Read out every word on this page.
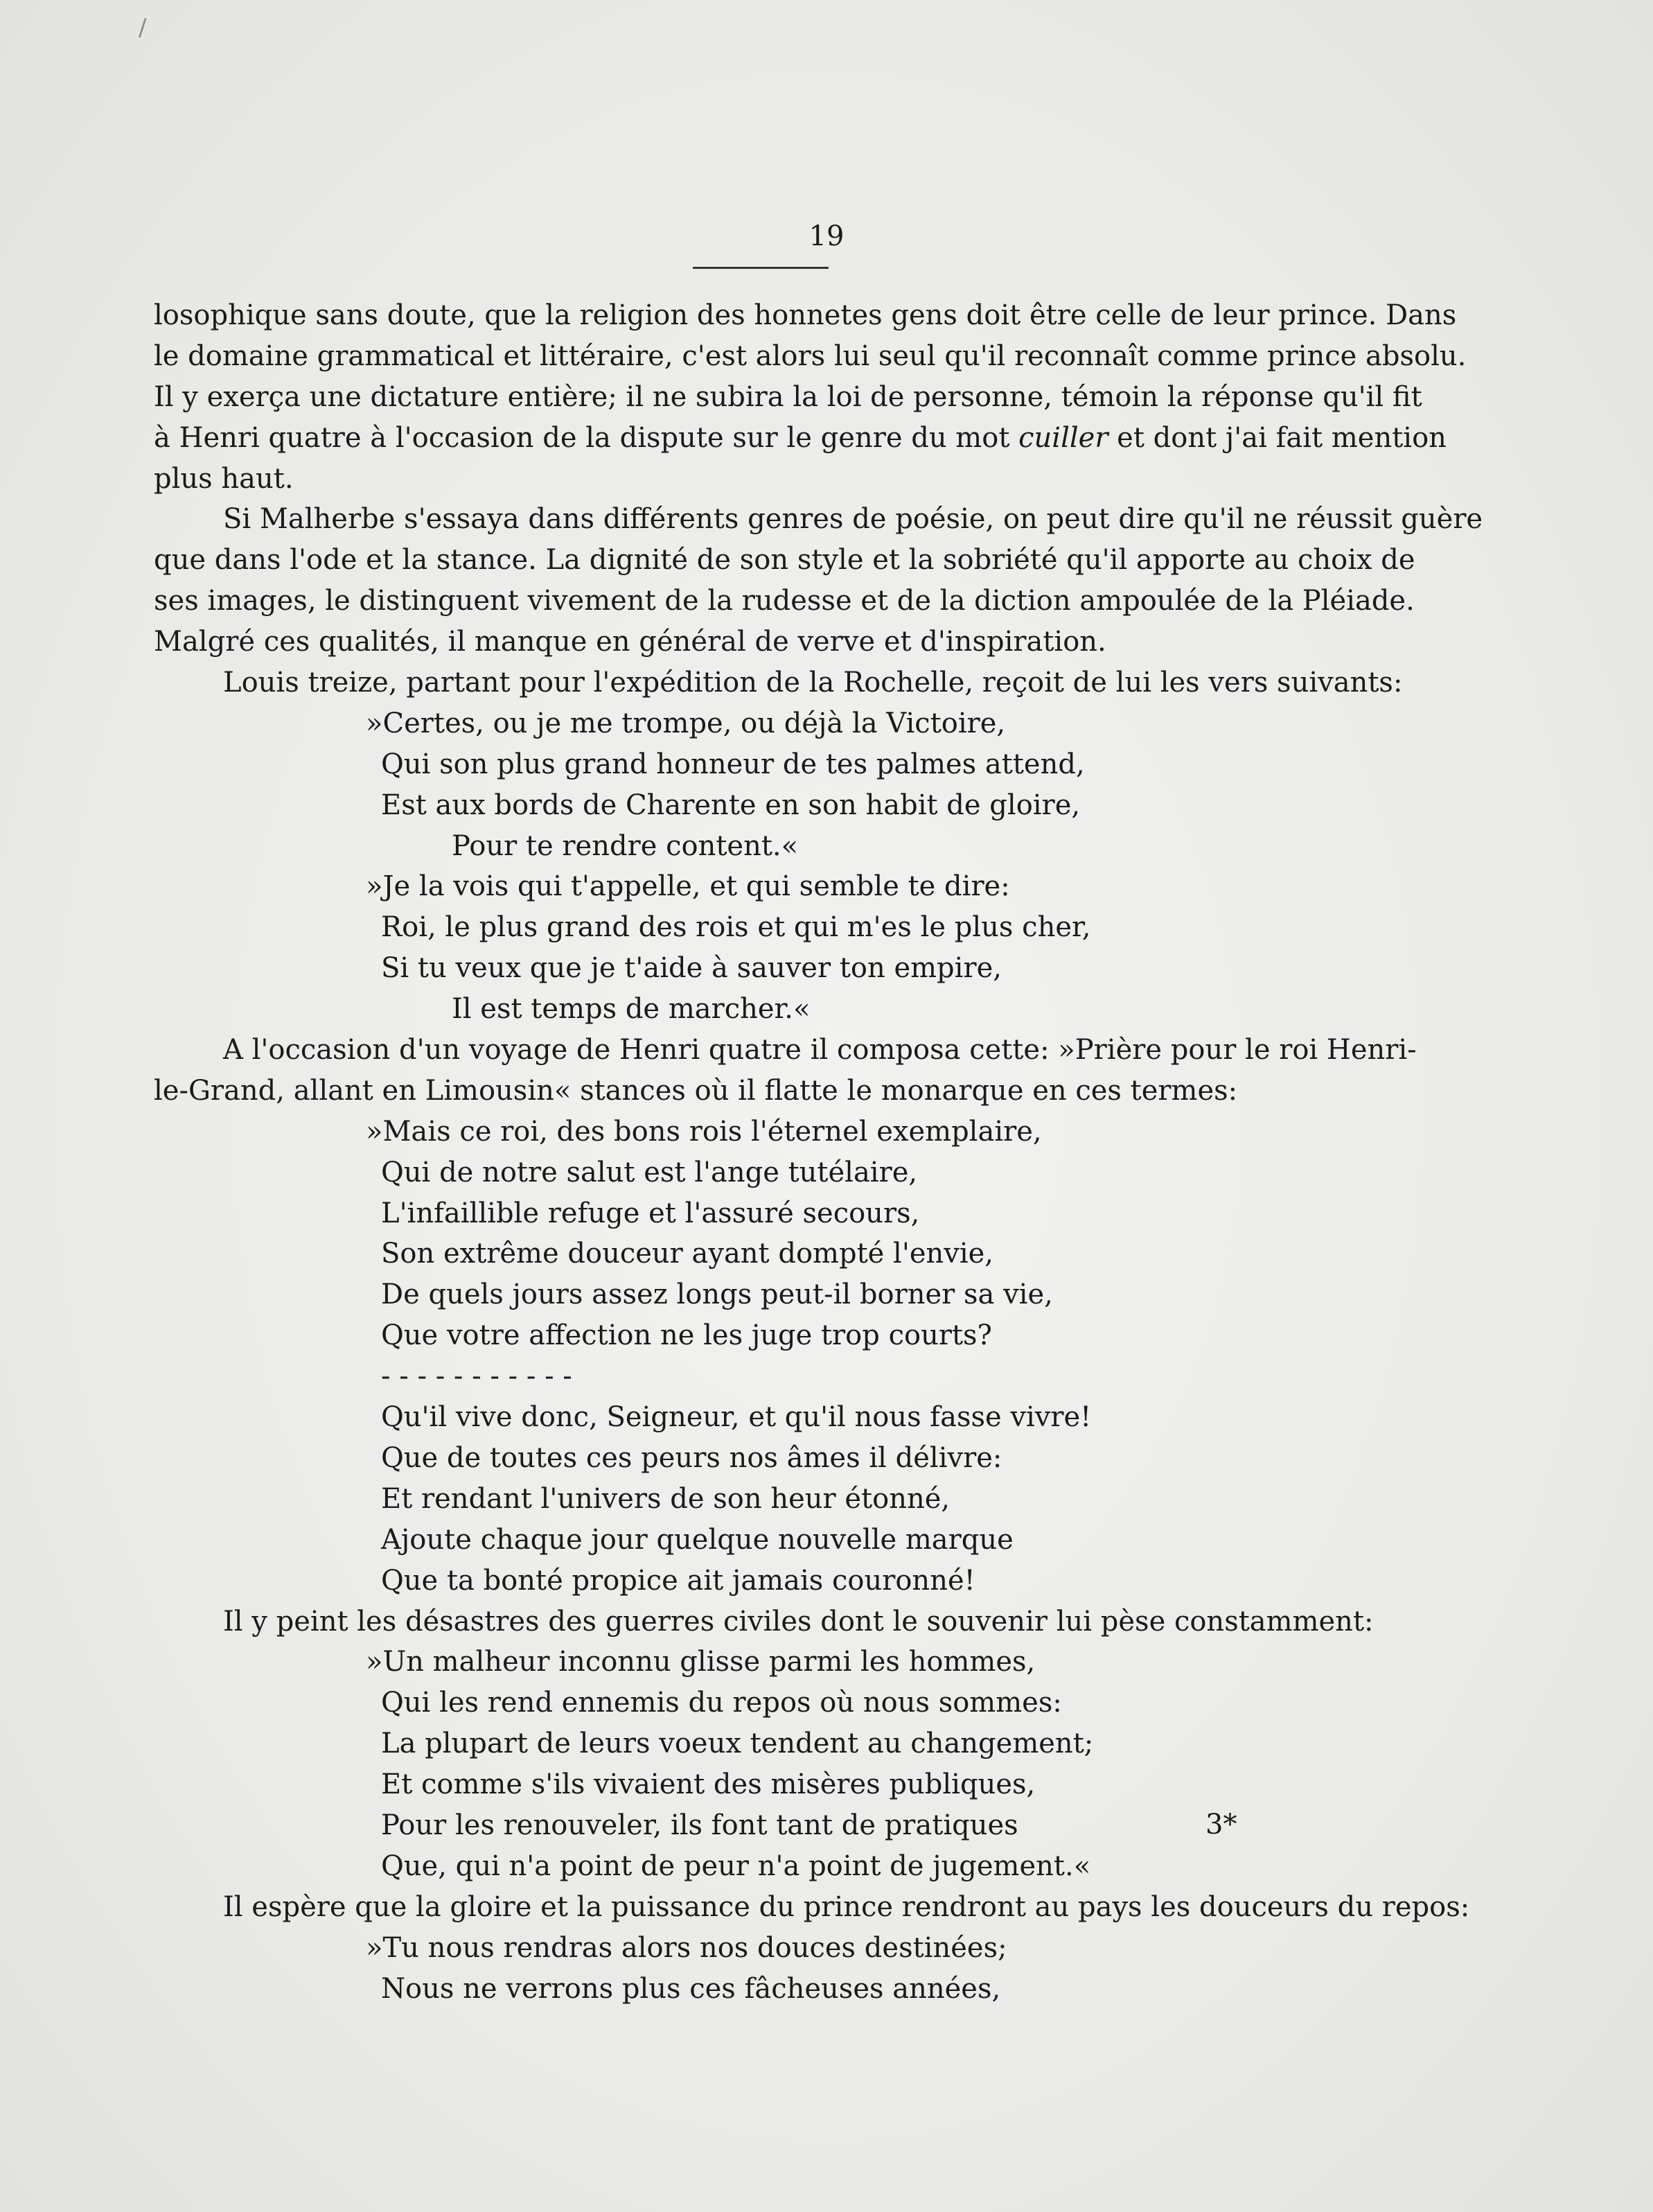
/
19
losophique sans doute, que la religion des honnetes gens doit être celle de leur prince. Dans
le domaine grammatical et littéraire, c'est alors lui seul qu'il reconnaît comme prince absolu.
Il y exerça une dictature entière; il ne subira la loi de personne, témoin la réponse qu'il fit
à Henri quatre à l'occasion de la dispute sur le genre du mot cuiller et dont j'ai fait mention
plus haut.
Si Malherbe s'essaya dans différents genres de poésie, on peut dire qu'il ne réussit guère
que dans l'ode et la stance. La dignité de son style et la sobriété qu'il apporte au choix de
ses images, le distinguent vivement de la rudesse et de la diction ampoulée de la Pléiade.
Malgré ces qualités, il manque en général de verve et d'inspiration.
Louis treize, partant pour l'expédition de la Rochelle, reçoit de lui les vers suivants:
»Certes, ou je me trompe, ou déjà la Victoire,
Qui son plus grand honneur de tes palmes attend,
Est aux bords de Charente en son habit de gloire,
Pour te rendre content.«
»Je la vois qui t'appelle, et qui semble te dire:
Roi, le plus grand des rois et qui m'es le plus cher,
Si tu veux que je t'aide à sauver ton empire,
Il est temps de marcher.«
A l'occasion d'un voyage de Henri quatre il composa cette: »Prière pour le roi Henri-
le-Grand, allant en Limousin« stances où il flatte le monarque en ces termes:
»Mais ce roi, des bons rois l'éternel exemplaire,
Qui de notre salut est l'ange tutélaire,
L'infaillible refuge et l'assuré secours,
Son extrême douceur ayant dompté l'envie,
De quels jours assez longs peut-il borner sa vie,
Que votre affection ne les juge trop courts?
- - - - - - - - - - -
Qu'il vive donc, Seigneur, et qu'il nous fasse vivre!
Que de toutes ces peurs nos âmes il délivre:
Et rendant l'univers de son heur étonné,
Ajoute chaque jour quelque nouvelle marque
Que ta bonté propice ait jamais couronné!
Il y peint les désastres des guerres civiles dont le souvenir lui pèse constamment:
»Un malheur inconnu glisse parmi les hommes,
Qui les rend ennemis du repos où nous sommes:
La plupart de leurs voeux tendent au changement;
Et comme s'ils vivaient des misères publiques,
Pour les renouveler, ils font tant de pratiques
Que, qui n'a point de peur n'a point de jugement.«
Il espère que la gloire et la puissance du prince rendront au pays les douceurs du repos:
»Tu nous rendras alors nos douces destinées;
Nous ne verrons plus ces fâcheuses années,
3*
